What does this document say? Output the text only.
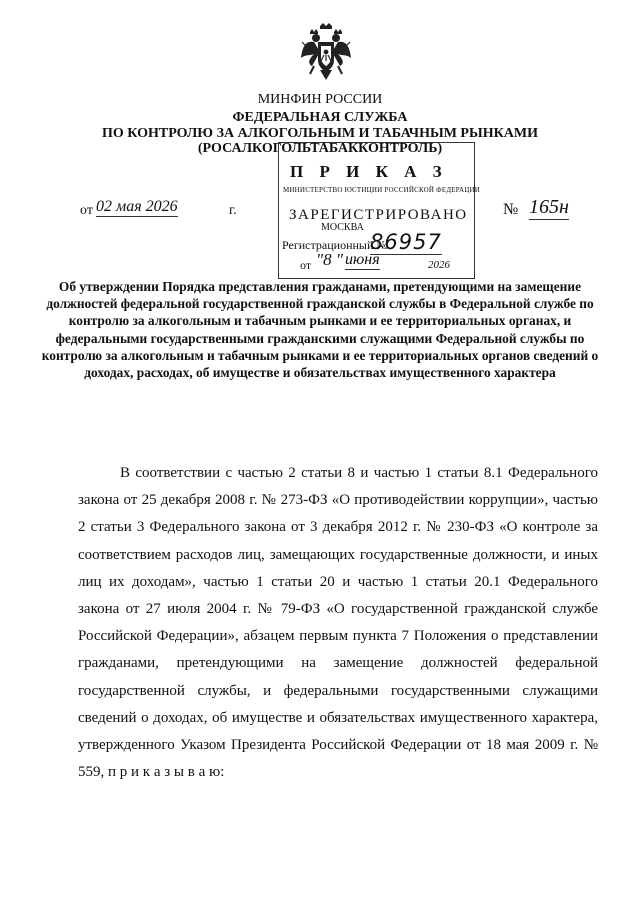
МИНФИН РОССИИ
ФЕДЕРАЛЬНАЯ СЛУЖБА
ПО КОНТРОЛЮ ЗА АЛКОГОЛЬНЫМ И ТАБАЧНЫМ РЫНКАМИ
(РОСАЛКОГОЛЬТАБАККОНТРОЛЬ)
П Р И К А З
МИНИСТЕРСТВО ЮСТИЦИИ РОССИЙСКОЙ ФЕДЕРАЦИИ
ЗАРЕГИСТРИРОВАНО
МОСКВА
Регистрационный №
86957
от "8 " июня	2026
от 02 мая 2026	г.	№ 165н
Об утверждении Порядка представления гражданами, претендующими на замещение должностей федеральной государственной гражданской службы в Федеральной службе по контролю за алкогольным и табачным рынками и ее территориальных органах, и федеральными государственными гражданскими служащими Федеральной службы по контролю за алкогольным и табачным рынками и ее территориальных органов сведений о доходах, расходах, об имуществе и обязательствах имущественного характера
В соответствии с частью 2 статьи 8 и частью 1 статьи 8.1 Федерального закона от 25 декабря 2008 г. № 273-ФЗ «О противодействии коррупции», частью 2 статьи 3 Федерального закона от 3 декабря 2012 г. № 230-ФЗ «О контроле за соответствием расходов лиц, замещающих государственные должности, и иных лиц их доходам», частью 1 статьи 20 и частью 1 статьи 20.1 Федерального закона от 27 июля 2004 г. № 79-ФЗ «О государственной гражданской службе Российской Федерации», абзацем первым пункта 7 Положения о представлении гражданами, претендующими на замещение должностей федеральной государственной службы, и федеральными государственными служащими сведений о доходах, об имуществе и обязательствах имущественного характера, утвержденного Указом Президента Российской Федерации от 18 мая 2009 г. № 559, п р и к а з ы в а ю:
